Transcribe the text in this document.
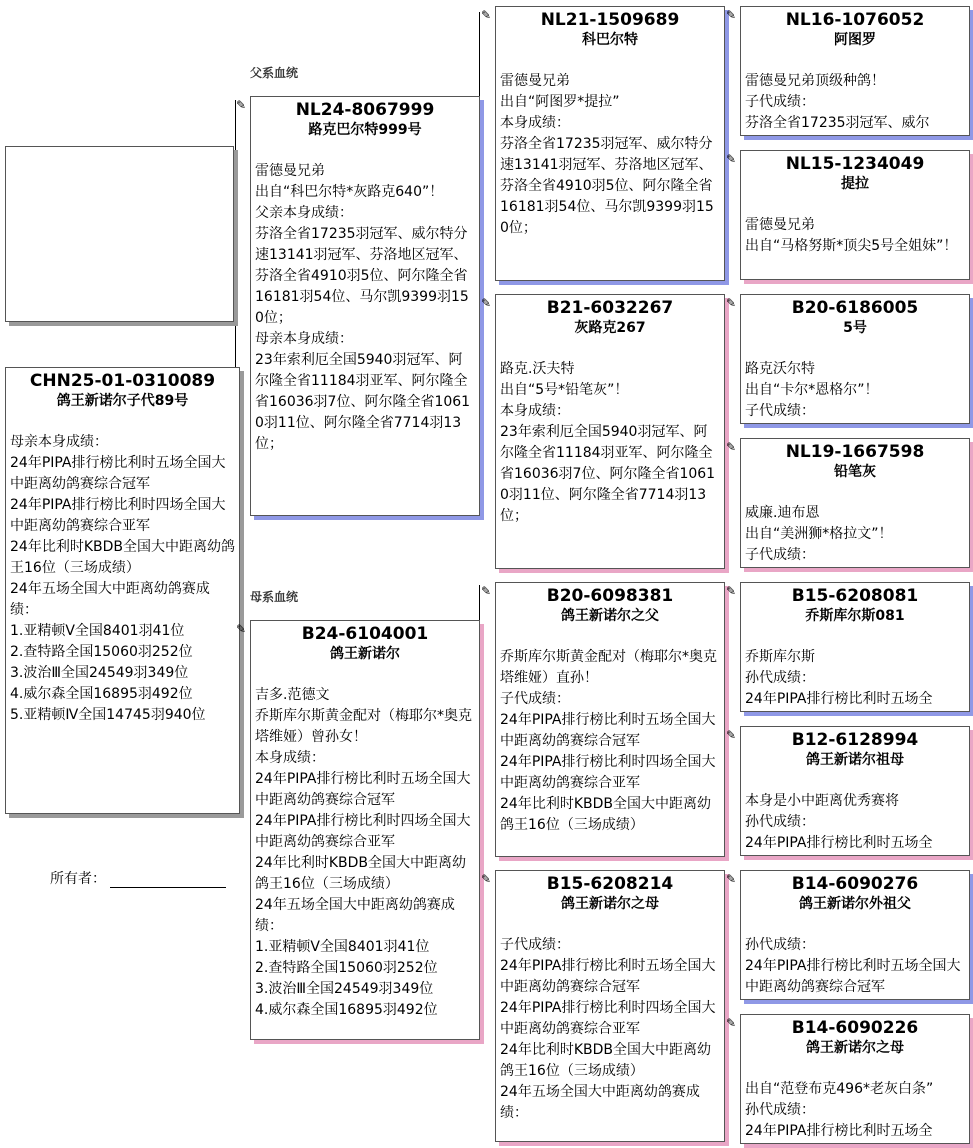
CHN25-01-0310089
鸽王新诺尔子代89号
母亲本身成绩：
24年PIPA排行榜比利时五场全国大中距离幼鸽赛综合冠军
24年PIPA排行榜比利时四场全国大中距离幼鸽赛综合亚军
24年比利时KBDB全国大中距离幼鸽王16位（三场成绩）
24年五场全国大中距离幼鸽赛成绩：
1.亚精顿V全国8401羽41位
2.查特路全国15060羽252位
3.波治Ⅲ全国24549羽349位
4.威尔森全国16895羽492位
5.亚精顿Ⅳ全国14745羽940位
所有者：
父系血统
母系血统
✎	NL24-8067999
路克巴尔特999号
雷德曼兄弟
出自“科巴尔特*灰路克640”！
父亲本身成绩：
芬洛全省17235羽冠军、威尔特分速13141羽冠军、芬洛地区冠军、芬洛全省4910羽5位、阿尔隆全省16181羽54位、马尔凯9399羽150位；
母亲本身成绩：
23年索利厄全国5940羽冠军、阿尔隆全省11184羽亚军、阿尔隆全省16036羽7位、阿尔隆全省10610羽11位、阿尔隆全省7714羽13位；
✎	B24-6104001
鸽王新诺尔
吉多.范德文
乔斯库尔斯黄金配对（梅耶尔*奥克塔维娅）曾孙女！
本身成绩：
24年PIPA排行榜比利时五场全国大中距离幼鸽赛综合冠军
24年PIPA排行榜比利时四场全国大中距离幼鸽赛综合亚军
24年比利时KBDB全国大中距离幼鸽王16位（三场成绩）
24年五场全国大中距离幼鸽赛成绩：
1.亚精顿V全国8401羽41位
2.查特路全国15060羽252位
3.波治Ⅲ全国24549羽349位
4.威尔森全国16895羽492位
✎	NL21-1509689
科巴尔特
雷德曼兄弟
出自“阿图罗*提拉”
本身成绩：
芬洛全省17235羽冠军、威尔特分速13141羽冠军、芬洛地区冠军、芬洛全省4910羽5位、阿尔隆全省16181羽54位、马尔凯9399羽150位；
✎	B21-6032267
灰路克267
路克.沃夫特
出自“5号*铅笔灰”！
本身成绩：
23年索利厄全国5940羽冠军、阿尔隆全省11184羽亚军、阿尔隆全省16036羽7位、阿尔隆全省10610羽11位、阿尔隆全省7714羽13位；
✎	B20-6098381
鸽王新诺尔之父
乔斯库尔斯黄金配对（梅耶尔*奥克塔维娅）直孙！
子代成绩：
24年PIPA排行榜比利时五场全国大中距离幼鸽赛综合冠军
24年PIPA排行榜比利时四场全国大中距离幼鸽赛综合亚军
24年比利时KBDB全国大中距离幼鸽王16位（三场成绩）
✎	B15-6208214
鸽王新诺尔之母
子代成绩：
24年PIPA排行榜比利时五场全国大中距离幼鸽赛综合冠军
24年PIPA排行榜比利时四场全国大中距离幼鸽赛综合亚军
24年比利时KBDB全国大中距离幼鸽王16位（三场成绩）
24年五场全国大中距离幼鸽赛成绩：
✎	NL16-1076052
阿图罗
雷德曼兄弟顶级种鸽！
子代成绩：
芬洛全省17235羽冠军、威尔
✎	NL15-1234049
提拉
雷德曼兄弟
出自“马格努斯*顶尖5号全姐妹”！
✎	B20-6186005
5号
路克沃尔特
出自“卡尔*恩格尔”！
子代成绩：
✎	NL19-1667598
铅笔灰
威廉.迪布恩
出自“美洲狮*格拉文”！
子代成绩：
✎	B15-6208081
乔斯库尔斯081
乔斯库尔斯
孙代成绩：
24年PIPA排行榜比利时五场全
✎	B12-6128994
鸽王新诺尔祖母
本身是小中距离优秀赛将
孙代成绩：
24年PIPA排行榜比利时五场全
✎	B14-6090276
鸽王新诺尔外祖父
孙代成绩：
24年PIPA排行榜比利时五场全国大中距离幼鸽赛综合冠军
✎	B14-6090226
鸽王新诺尔之母
出自“范登布克496*老灰白条”
孙代成绩：
24年PIPA排行榜比利时五场全
